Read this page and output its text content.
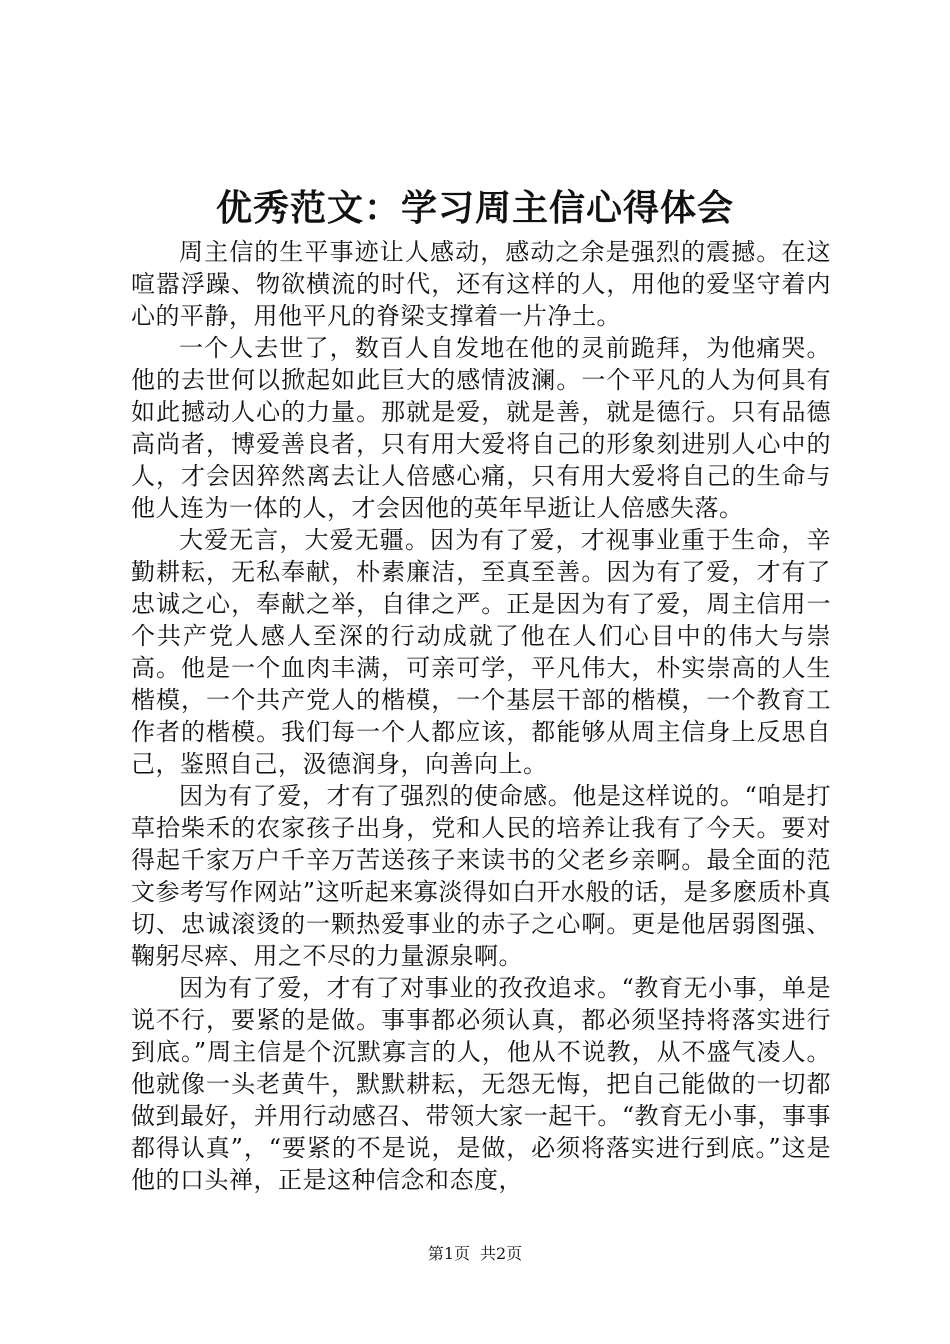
优秀范文：学习周主信心得体会

周主信的生平事迹让人感动，感动之余是强烈的震撼。在这喧嚣浮躁、物欲横流的时代，还有这样的人，用他的爱坚守着内心的平静，用他平凡的脊梁支撑着一片净土。

一个人去世了，数百人自发地在他的灵前跪拜，为他痛哭。他的去世何以掀起如此巨大的感情波澜。一个平凡的人为何具有如此撼动人心的力量。那就是爱，就是善，就是德行。只有品德高尚者，博爱善良者，只有用大爱将自己的形象刻进别人心中的人，才会因猝然离去让人倍感心痛，只有用大爱将自己的生命与他人连为一体的人，才会因他的英年早逝让人倍感失落。

大爱无言，大爱无疆。因为有了爱，才视事业重于生命，辛勤耕耘，无私奉献，朴素廉洁，至真至善。因为有了爱，才有了忠诚之心，奉献之举，自律之严。正是因为有了爱，周主信用一个共产党人感人至深的行动成就了他在人们心目中的伟大与崇高。他是一个血肉丰满，可亲可学，平凡伟大，朴实崇高的人生楷模，一个共产党人的楷模，一个基层干部的楷模，一个教育工作者的楷模。我们每一个人都应该，都能够从周主信身上反思自己，鉴照自己，汲德润身，向善向上。

因为有了爱，才有了强烈的使命感。他是这样说的。“咱是打草拾柴禾的农家孩子出身，党和人民的培养让我有了今天。要对得起千家万户千辛万苦送孩子来读书的父老乡亲啊。最全面的范文参考写作网站”这听起来寡淡得如白开水般的话，是多麽质朴真切、忠诚滚烫的一颗热爱事业的赤子之心啊。更是他居弱图强、鞠躬尽瘁、用之不尽的力量源泉啊。

因为有了爱，才有了对事业的孜孜追求。“教育无小事，单是说不行，要紧的是做。事事都必须认真，都必须坚持将落实进行到底。”周主信是个沉默寡言的人，他从不说教，从不盛气凌人。他就像一头老黄牛，默默耕耘，无怨无悔，把自己能做的一切都做到最好，并用行动感召、带领大家一起干。“教育无小事，事事都得认真”，“要紧的不是说，是做，必须将落实进行到底。”这是他的口头禅，正是这种信念和态度，

第1页 共2页
